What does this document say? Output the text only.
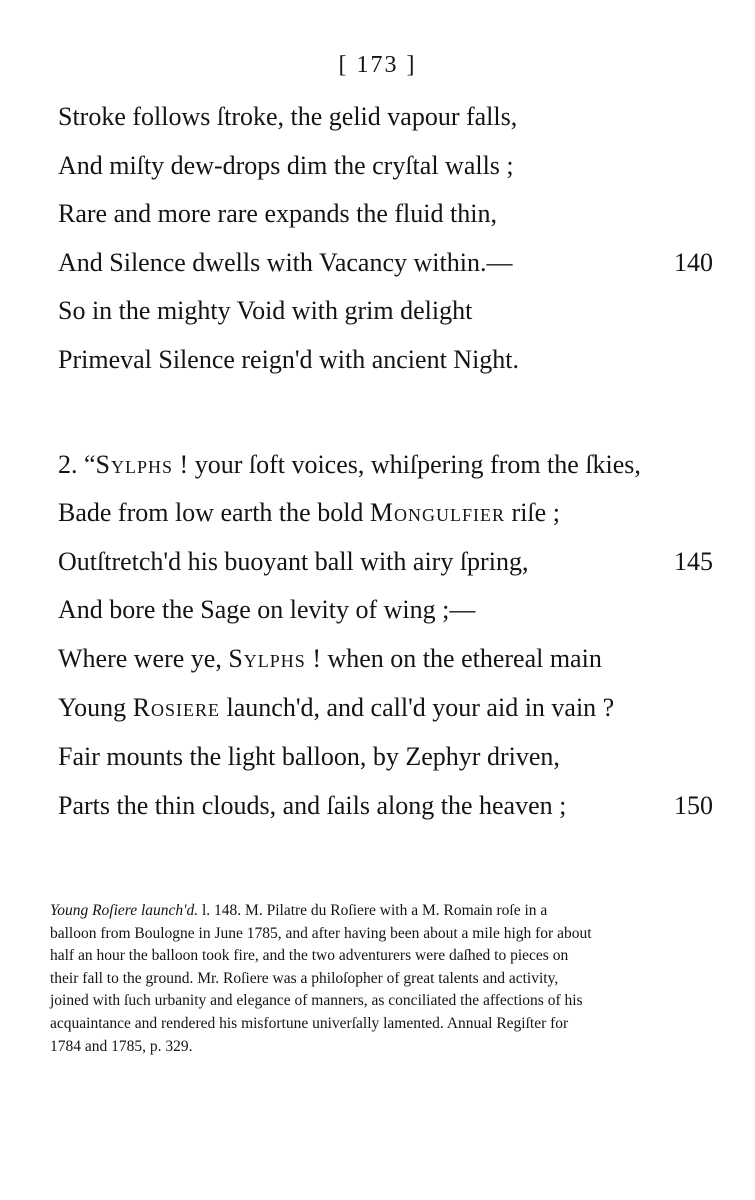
[ 173 ]
Stroke follows ſtroke, the gelid vapour falls,
And miſty dew-drops dim the cryſtal walls ;
Rare and more rare expands the fluid thin,
And Silence dwells with Vacancy within.—	140
So in the mighty Void with grim delight
Primeval Silence reign'd with ancient Night.
2. “Sylphs ! your ſoft voices, whiſpering from the ſkies,
Bade from low earth the bold Mongulfier riſe ;
Outſtretch'd his buoyant ball with airy ſpring,	145
And bore the Sage on levity of wing ;—
Where were ye, Sylphs ! when on the ethereal main
Young Rosiere launch'd, and call'd your aid in vain ?
Fair mounts the light balloon, by Zephyr driven,
Parts the thin clouds, and ſails along the heaven ;	150
Young Roſiere launch'd. l. 148. M. Pilatre du Roſiere with a M. Romain roſe in a
balloon from Boulogne in June 1785, and after having been about a mile high for about
half an hour the balloon took fire, and the two adventurers were daſhed to pieces on
their fall to the ground. Mr. Roſiere was a philoſopher of great talents and activity,
joined with ſuch urbanity and elegance of manners, as conciliated the affections of his
acquaintance and rendered his misfortune univerſally lamented. Annual Regiſter for
1784 and 1785, p. 329.
